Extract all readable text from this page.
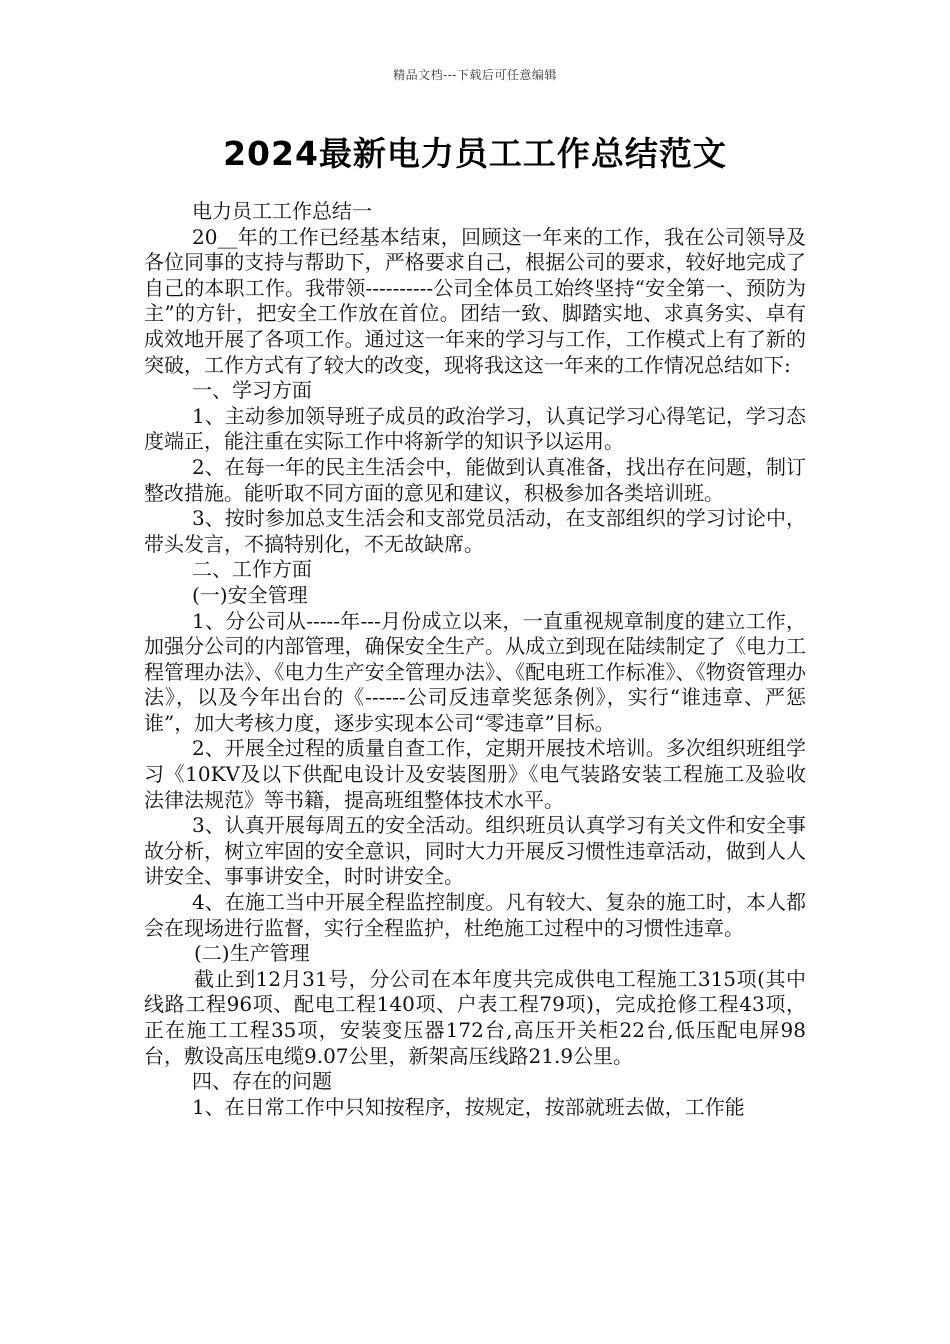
精品文档---下载后可任意编辑
2024最新电力员工工作总结范文

电力员工工作总结一

20__年的工作已经基本结束，回顾这一年来的工作，我在公司领导及各位同事的支持与帮助下，严格要求自己，根据公司的要求，较好地完成了自己的本职工作。我带领----------公司全体员工始终坚持“安全第一、预防为主”的方针，把安全工作放在首位。团结一致、脚踏实地、求真务实、卓有成效地开展了各项工作。通过这一年来的学习与工作，工作模式上有了新的突破，工作方式有了较大的改变，现将我这这一年来的工作情况总结如下:

一、学习方面

1、主动参加领导班子成员的政治学习，认真记学习心得笔记，学习态度端正，能注重在实际工作中将新学的知识予以运用。

2、在每一年的民主生活会中，能做到认真准备，找出存在问题，制订整改措施。能听取不同方面的意见和建议，积极参加各类培训班。

3、按时参加总支生活会和支部党员活动，在支部组织的学习讨论中，带头发言，不搞特别化，不无故缺席。

二、工作方面

(一)安全管理

1、分公司从-----年---月份成立以来，一直重视规章制度的建立工作，加强分公司的内部管理，确保安全生产。从成立到现在陆续制定了《电力工程管理办法》、《电力生产安全管理办法》、《配电班工作标准》、《物资管理办法》，以及今年出台的《------公司反违章奖惩条例》，实行“谁违章、严惩谁”，加大考核力度，逐步实现本公司“零违章”目标。

2、开展全过程的质量自查工作，定期开展技术培训。多次组织班组学习《10KV及以下供配电设计及安装图册》《电气装路安装工程施工及验收法律法规范》等书籍，提高班组整体技术水平。

3、认真开展每周五的安全活动。组织班员认真学习有关文件和安全事故分析，树立牢固的安全意识，同时大力开展反习惯性违章活动，做到人人讲安全、事事讲安全，时时讲安全。

4、在施工当中开展全程监控制度。凡有较大、复杂的施工时，本人都会在现场进行监督，实行全程监护，杜绝施工过程中的习惯性违章。

(二)生产管理

截止到12月31号，分公司在本年度共完成供电工程施工315项(其中线路工程96项、配电工程140项、户表工程79项)，完成抢修工程43项，正在施工工程35项，安装变压器172台,高压开关柜22台,低压配电屏98台，敷设高压电缆9.07公里，新架高压线路21.9公里。

四、存在的问题

1、在日常工作中只知按程序，按规定，按部就班去做，工作能
